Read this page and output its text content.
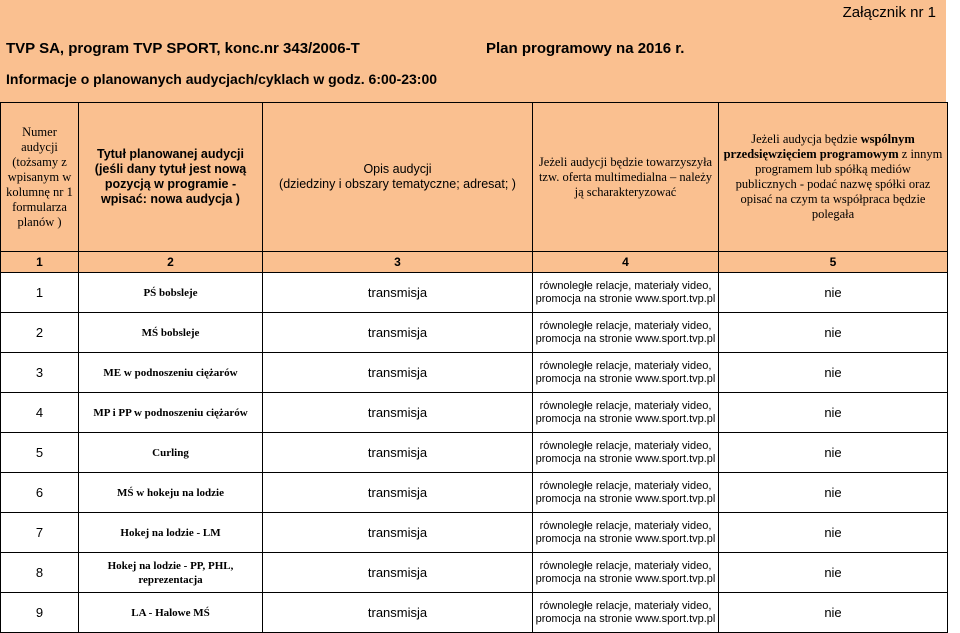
Załącznik nr 1
TVP SA, program TVP SPORT, konc.nr 343/2006-T	Plan programowy na 2016 r.
Informacje o planowanych audycjach/cyklach w godz. 6:00-23:00
Numer
audycji
(tożsamy z wpisanym w kolumnę nr 1 formularza
planów )	Tytuł planowanej audycji (jeśli dany tytuł jest nową pozycją w programie - wpisać: nowa audycja )	Opis audycji
(dziedziny i obszary tematyczne; adresat; )	Jeżeli audycji będzie towarzyszyła
tzw. oferta multimedialna – należy
ją scharakteryzować	Jeżeli audycja będzie wspólnym przedsięwzięciem programowym z innym programem lub spółką mediów publicznych - podać nazwę spółki oraz opisać na czym ta współpraca będzie polegała
1	2	3	4	5
1	PŚ bobsleje	transmisja	równoległe relacje, materiały video,
promocja na stronie www.sport.tvp.pl	nie
2	MŚ bobsleje	transmisja	równoległe relacje, materiały video,
promocja na stronie www.sport.tvp.pl	nie
3	ME w podnoszeniu ciężarów	transmisja	równoległe relacje, materiały video,
promocja na stronie www.sport.tvp.pl	nie
4	MP i PP w podnoszeniu ciężarów	transmisja	równoległe relacje, materiały video,
promocja na stronie www.sport.tvp.pl	nie
5	Curling	transmisja	równoległe relacje, materiały video,
promocja na stronie www.sport.tvp.pl	nie
6	MŚ w hokeju na lodzie	transmisja	równoległe relacje, materiały video,
promocja na stronie www.sport.tvp.pl	nie
7	Hokej na lodzie - LM	transmisja	równoległe relacje, materiały video,
promocja na stronie www.sport.tvp.pl	nie
8	Hokej na lodzie - PP, PHL, reprezentacja	transmisja	równoległe relacje, materiały video,
promocja na stronie www.sport.tvp.pl	nie
9	LA - Halowe MŚ	transmisja	równoległe relacje, materiały video,
promocja na stronie www.sport.tvp.pl	nie
